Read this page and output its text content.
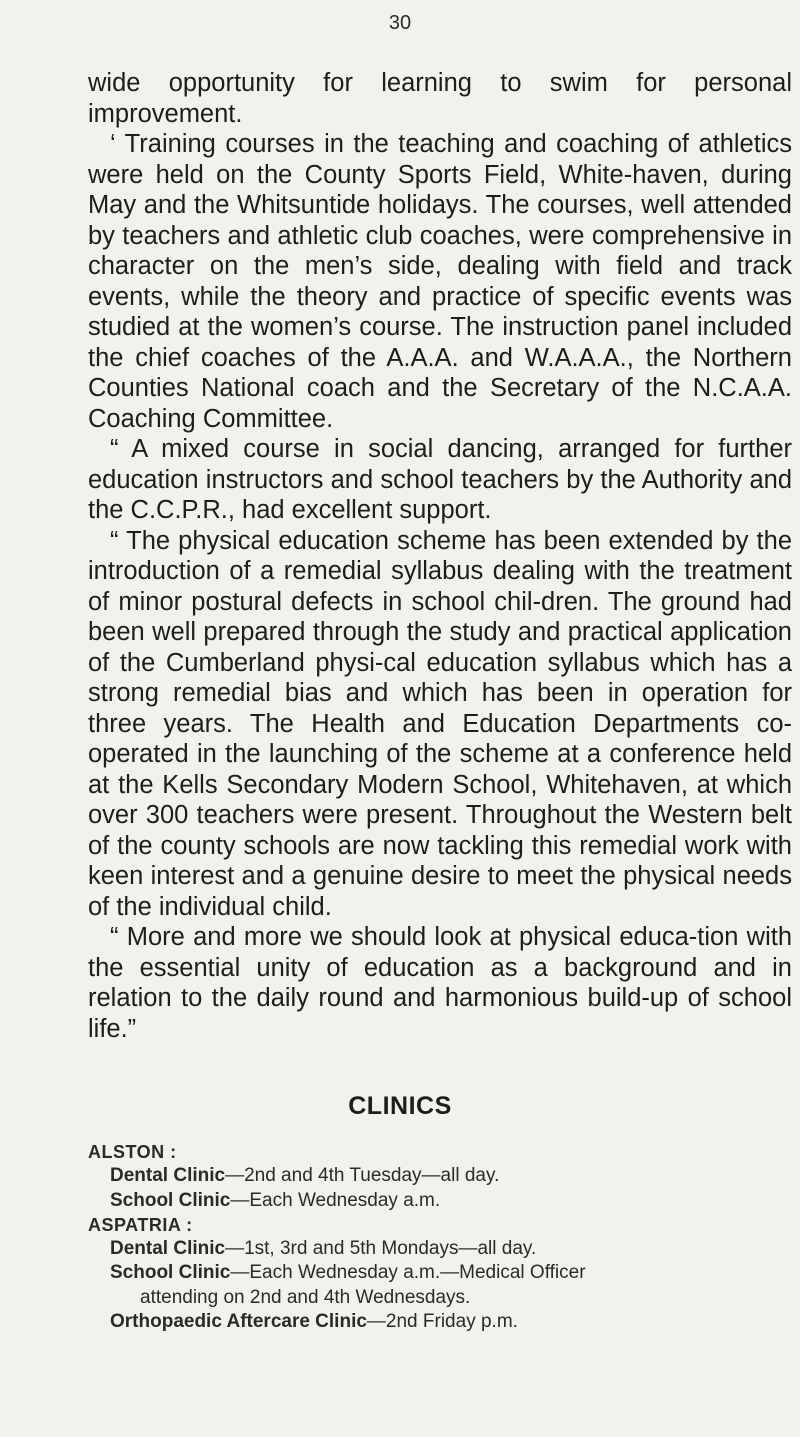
30

wide opportunity for learning to swim for personal improvement.

‘ Training courses in the teaching and coaching of athletics were held on the County Sports Field, White-haven, during May and the Whitsuntide holidays. The courses, well attended by teachers and athletic club coaches, were comprehensive in character on the men’s side, dealing with field and track events, while the theory and practice of specific events was studied at the women’s course. The instruction panel included the chief coaches of the A.A.A. and W.A.A.A., the Northern Counties National coach and the Secretary of the N.C.A.A. Coaching Committee.

“ A mixed course in social dancing, arranged for further education instructors and school teachers by the Authority and the C.C.P.R., had excellent support.

“ The physical education scheme has been extended by the introduction of a remedial syllabus dealing with the treatment of minor postural defects in school chil-dren. The ground had been well prepared through the study and practical application of the Cumberland physi-cal education syllabus which has a strong remedial bias and which has been in operation for three years. The Health and Education Departments co-operated in the launching of the scheme at a conference held at the Kells Secondary Modern School, Whitehaven, at which over 300 teachers were present. Throughout the Western belt of the county schools are now tackling this remedial work with keen interest and a genuine desire to meet the physical needs of the individual child.

“ More and more we should look at physical educa-tion with the essential unity of education as a background and in relation to the daily round and harmonious build-up of school life.”

CLINICS
ALSTON :
Dental Clinic—2nd and 4th Tuesday—all day.
School Clinic—Each Wednesday a.m.
ASPATRIA :
Dental Clinic—1st, 3rd and 5th Mondays—all day.
School Clinic—Each Wednesday a.m.—Medical Officer
attending on 2nd and 4th Wednesdays.
Orthopaedic Aftercare Clinic—2nd Friday p.m.
